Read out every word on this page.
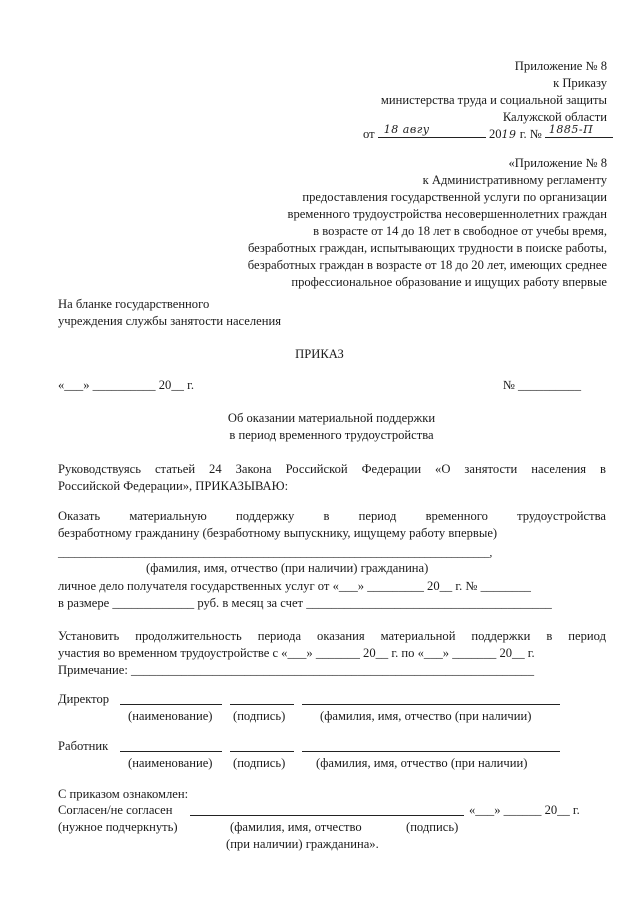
Приложение № 8
к Приказу
министерства труда и социальной защиты
Калужской области
от 18 авгу	2019 г. № 1885-П
«Приложение № 8
к Административному регламенту
предоставления государственной услуги по организации
временного трудоустройства несовершеннолетних граждан
в возрасте от 14 до 18 лет в свободное от учебы время,
безработных граждан, испытывающих трудности в поиске работы,
безработных граждан в возрасте от 18 до 20 лет, имеющих среднее
профессиональное образование и ищущих работу впервые
На бланке государственного
учреждения службы занятости населения
ПРИКАЗ
«___» __________ 20__ г.	№ __________
Об оказании материальной поддержки
в период временного трудоустройства
Руководствуясь статьей 24 Закона Российской Федерации «О занятости населения в
Российской Федерации», ПРИКАЗЫВАЮ:
Оказать материальную поддержку в период временного трудоустройства
безработному гражданину (безработному выпускнику, ищущему работу впервые)
________________________________________________________________________________,
(фамилия, имя, отчество (при наличии) гражданина)
личное дело получателя государственных услуг от «___» _________ 20__ г. № ________
в размере _____________ руб. в месяц за счет _______________________________________
Установить продолжительность периода оказания материальной поддержки в период
участия во временном трудоустройстве с «___» _______ 20__ г. по «___» _______ 20__ г.
Примечание: ________________________________________________________________
Директор
(наименование) (подпись)	(фамилия, имя, отчество (при наличии)
Работник
(наименование) (подпись) (фамилия, имя, отчество (при наличии)
С приказом ознакомлен:
Согласен/не согласен	«___» ______ 20__ г.
(нужное подчеркнуть)	(фамилия, имя, отчество	(подпись)
(при наличии) гражданина».
